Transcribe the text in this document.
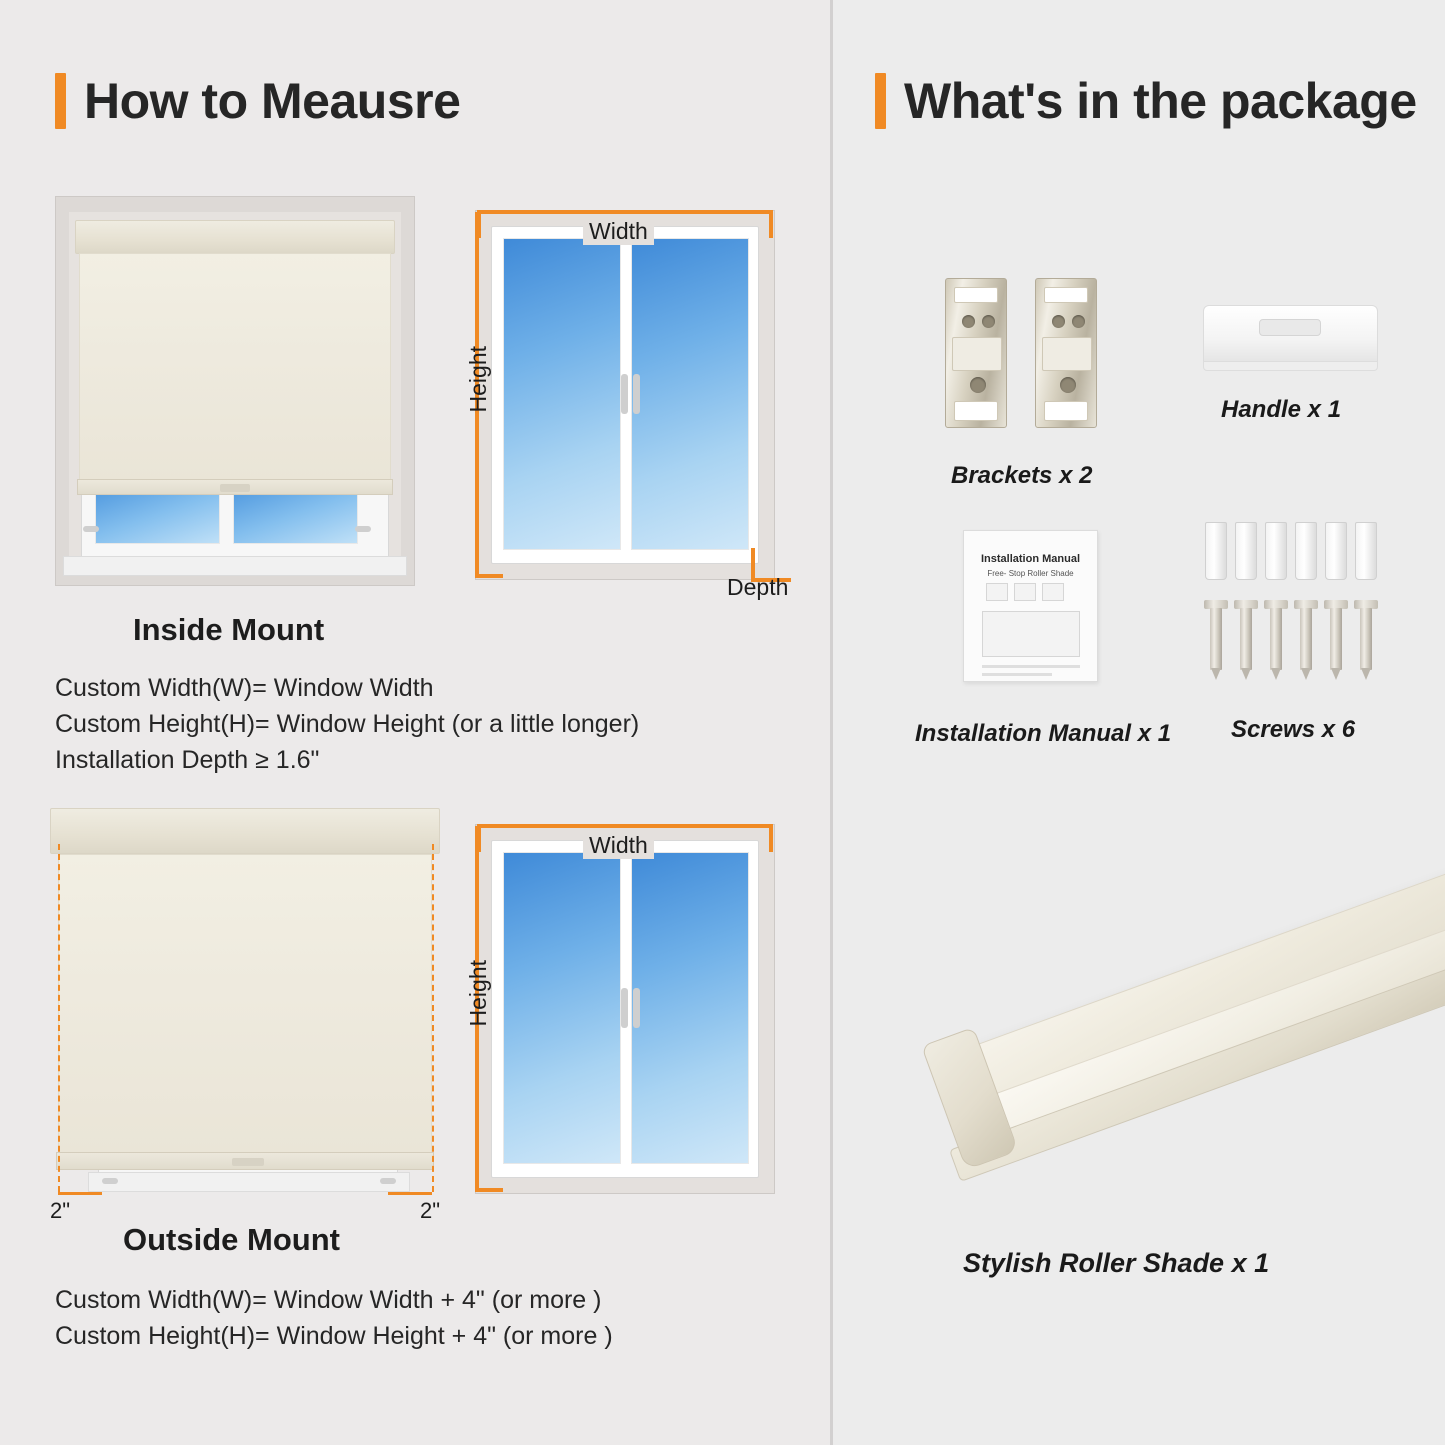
How to Meausre
Width
Height
Depth
Inside Mount
Custom Width(W)= Window Width
Custom Height(H)= Window Height (or a little longer)
Installation Depth ≥ 1.6"
2"	2"
Width
Height
Outside Mount
Custom Width(W)= Window Width + 4" (or more )
Custom Height(H)= Window Height + 4" (or more )
What's in the package
Brackets x 2
Handle x 1
Installation Manual
Free- Stop Roller Shade
Installation Manual x 1 Screws x 6
Stylish Roller Shade x 1
